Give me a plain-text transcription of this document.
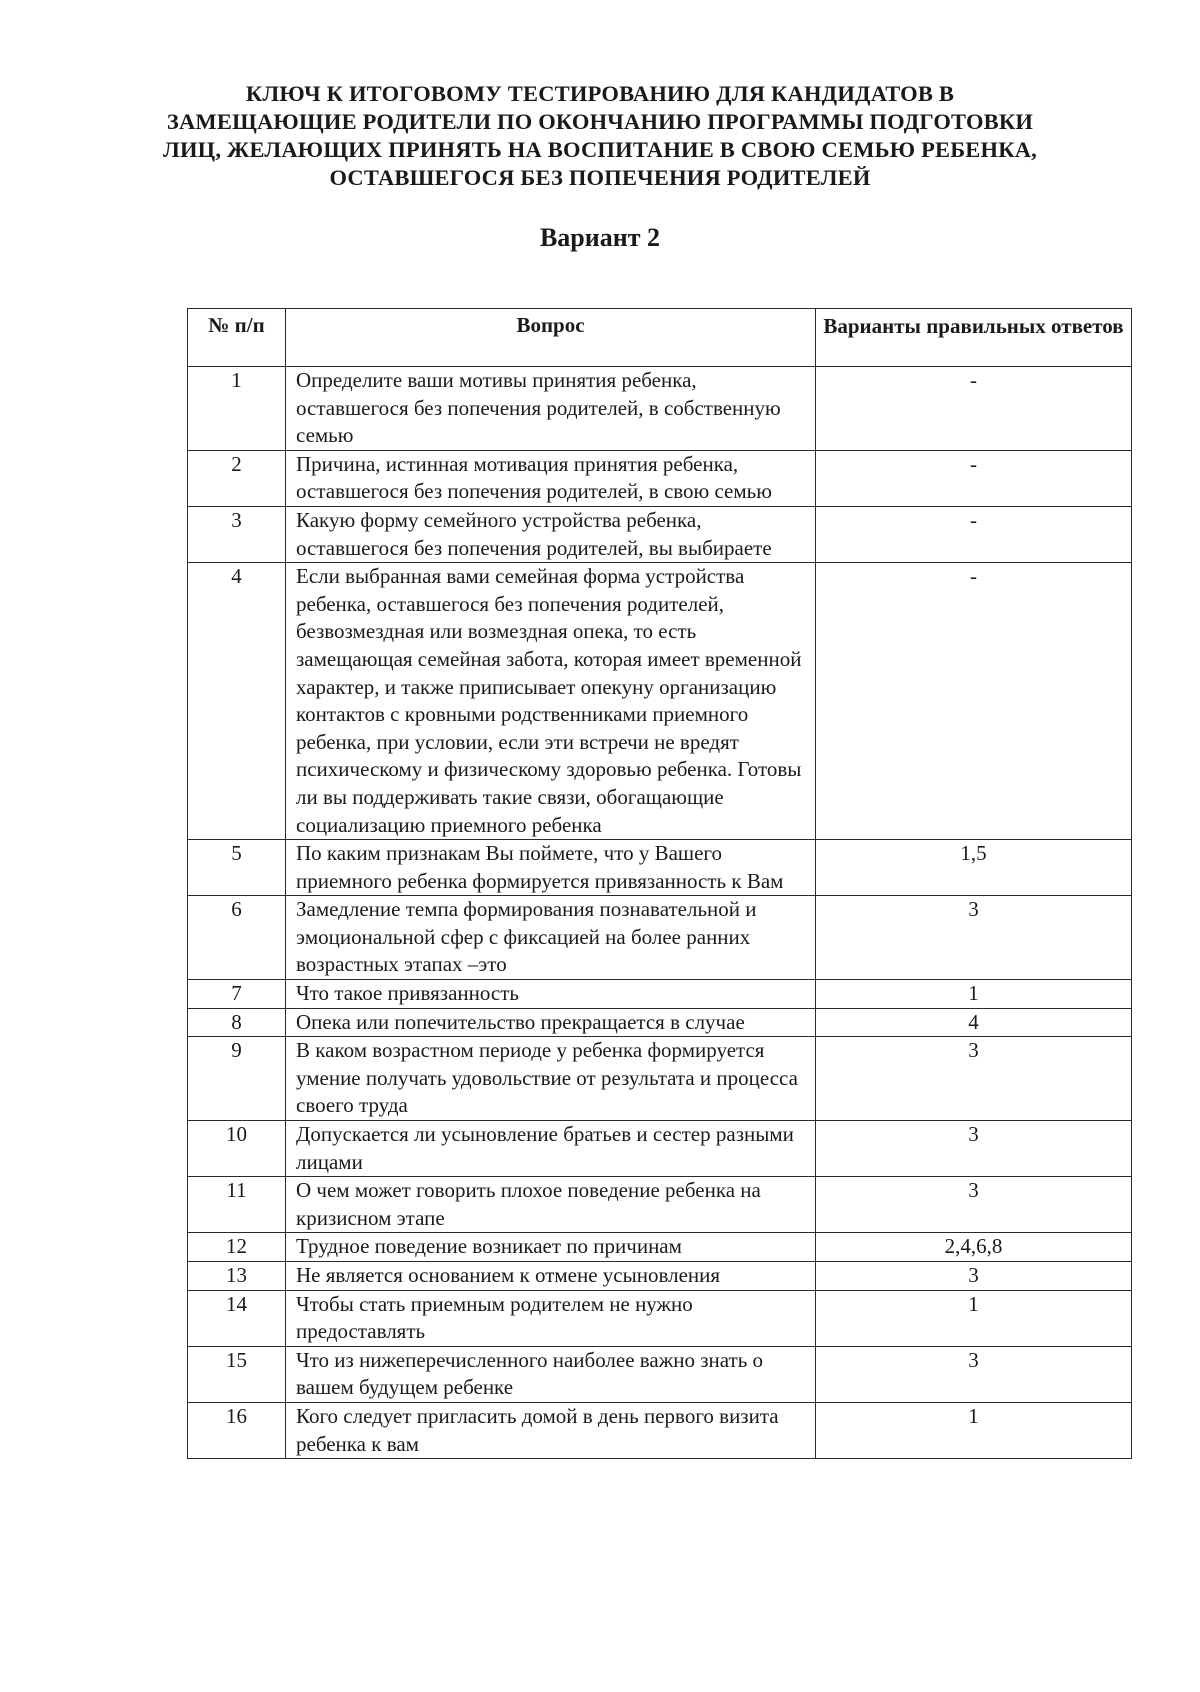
КЛЮЧ К ИТОГОВОМУ ТЕСТИРОВАНИЮ ДЛЯ КАНДИДАТОВ В ЗАМЕЩАЮЩИЕ РОДИТЕЛИ ПО ОКОНЧАНИЮ ПРОГРАММЫ ПОДГОТОВКИ ЛИЦ, ЖЕЛАЮЩИХ ПРИНЯТЬ НА ВОСПИТАНИЕ В СВОЮ СЕМЬЮ РЕБЕНКА, ОСТАВШЕГОСЯ БЕЗ ПОПЕЧЕНИЯ РОДИТЕЛЕЙ
Вариант 2
№ п/п	Вопрос	Варианты правильных ответов
1	Определите ваши мотивы принятия ребенка, оставшегося без попечения родителей, в собственную семью	-
2	Причина, истинная мотивация принятия ребенка, оставшегося без попечения родителей, в свою семью	-
3	Какую форму семейного устройства ребенка, оставшегося без попечения родителей, вы выбираете	-
4	Если выбранная вами семейная форма устройства ребенка, оставшегося без попечения родителей, безвозмездная или возмездная опека, то есть замещающая семейная забота, которая имеет временной характер, и также приписывает опекуну организацию контактов с кровными родственниками приемного ребенка, при условии, если эти встречи не вредят психическому и физическому здоровью ребенка. Готовы ли вы поддерживать такие связи, обогащающие социализацию приемного ребенка	-
5	По каким признакам Вы поймете, что у Вашего приемного ребенка формируется привязанность к Вам	1,5
6	Замедление темпа формирования познавательной и эмоциональной сфер с фиксацией на более ранних возрастных этапах –это	3
7	Что такое привязанность	1
8	Опека или попечительство прекращается в случае	4
9	В каком возрастном периоде у ребенка формируется умение получать удовольствие от результата и процесса своего труда	3
10	Допускается ли усыновление братьев и сестер разными лицами	3
11	О чем может говорить плохое поведение ребенка на кризисном этапе	3
12	Трудное поведение возникает по причинам	2,4,6,8
13	Не является основанием к отмене усыновления	3
14	Чтобы стать приемным родителем не нужно предоставлять	1
15	Что из нижеперечисленного наиболее важно знать о вашем будущем ребенке	3
16	Кого следует пригласить домой в день первого визита ребенка к вам	1
